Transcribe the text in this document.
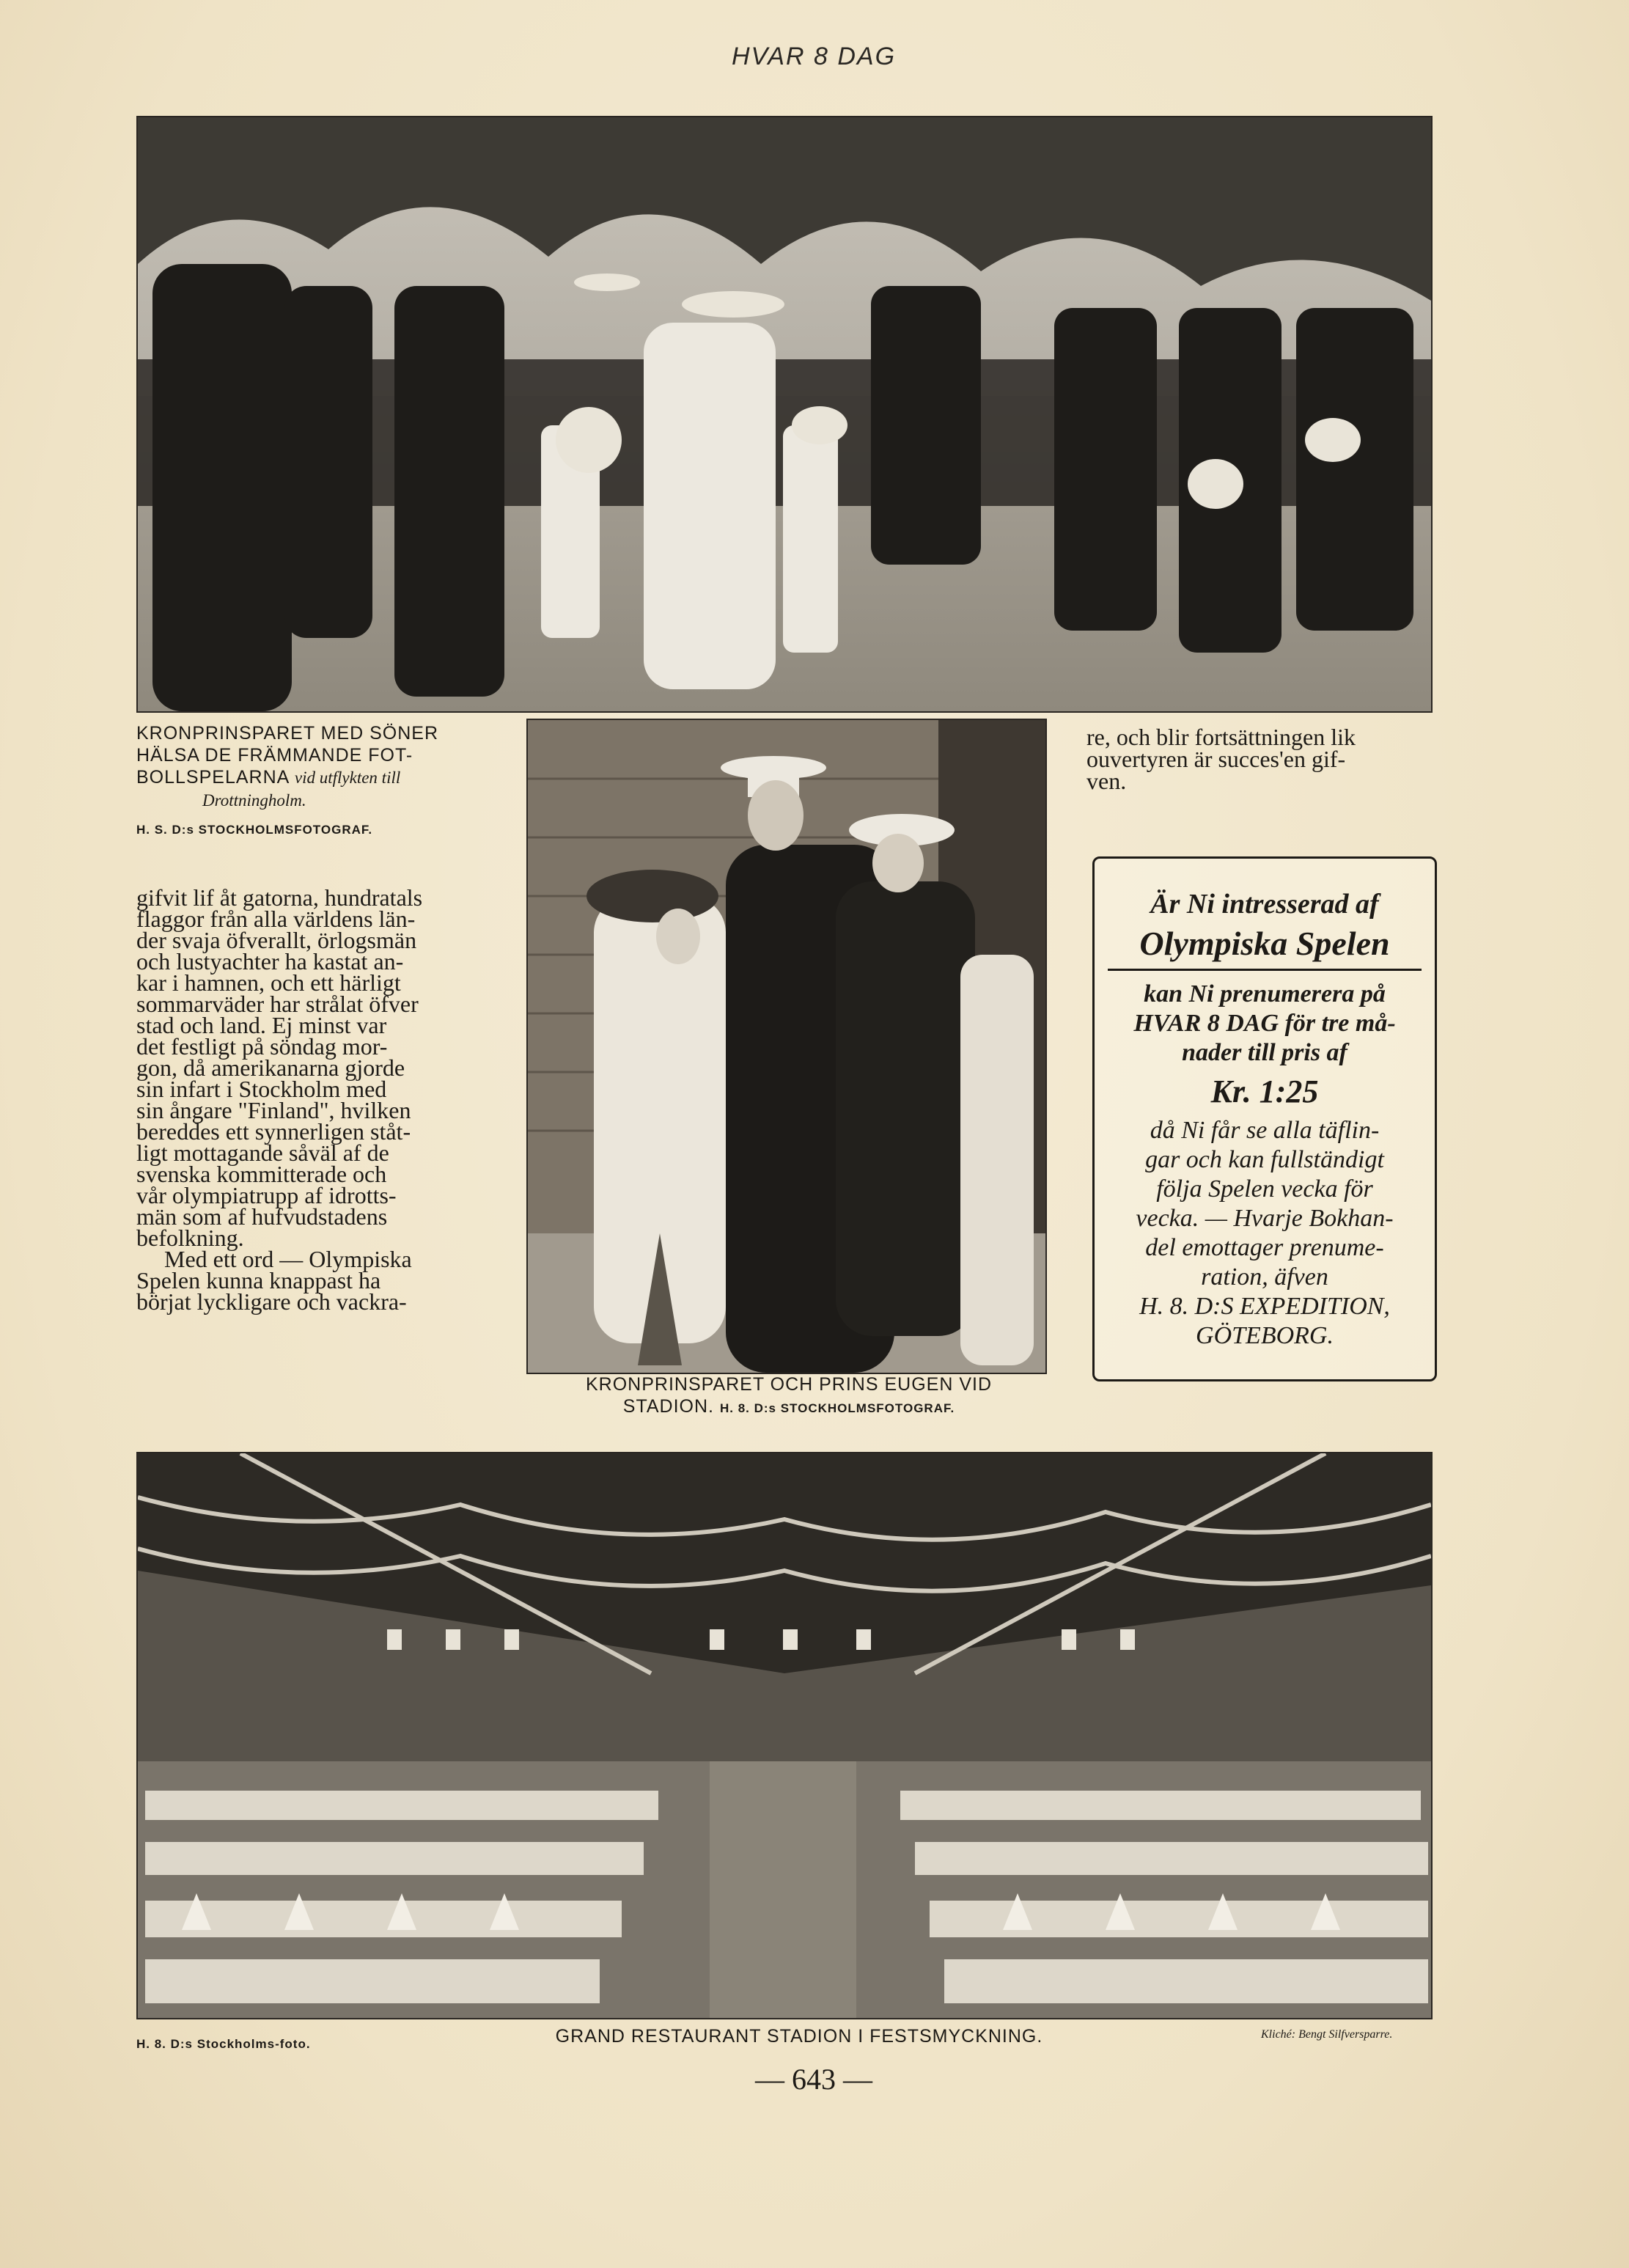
HVAR 8 DAG
KRONPRINSPARET MED SÖNER
HÄLSA DE FRÄMMANDE FOT-
BOLLSPELARNA vid utflykten till
Drottningholm.
H. S. D:s STOCKHOLMSFOTOGRAF.

gifvit lif åt gatorna, hundratals

flaggor från alla världens län-

der svaja öfverallt, örlogsmän

och lustyachter ha kastat an-

kar i hamnen, och ett härligt

sommarväder har strålat öfver

stad och land. Ej minst var

det festligt på söndag mor-

gon, då amerikanarna gjorde

sin infart i Stockholm med

sin ångare "Finland", hvilken

bereddes ett synnerligen ståt-

ligt mottagande såväl af de

svenska kommitterade och

vår olympiatrupp af idrotts-

män som af hufvudstadens

befolkning.

Med ett ord — Olympiska

Spelen kunna knappast ha

börjat lyckligare och vackra-

re, och blir fortsättningen lik
ouvertyren är succes'en gif-
ven.
Är Ni intresserad af
Olympiska Spelen
kan Ni prenumerera på
HVAR 8 DAG för tre må-
nader till pris af
Kr. 1:25
då Ni får se alla täflin-
gar och kan fullständigt
följa Spelen vecka för
vecka. — Hvarje Bokhan-
del emottager prenume-
ration, äfven
H. 8. D:S EXPEDITION,
GÖTEBORG.
KRONPRINSPARET OCH PRINS EUGEN VID
STADION. H. 8. D:s STOCKHOLMSFOTOGRAF.
H. 8. D:s Stockholms-foto.	GRAND RESTAURANT STADION I FESTSMYCKNING.	Kliché: Bengt Silfversparre.
— 643 —
